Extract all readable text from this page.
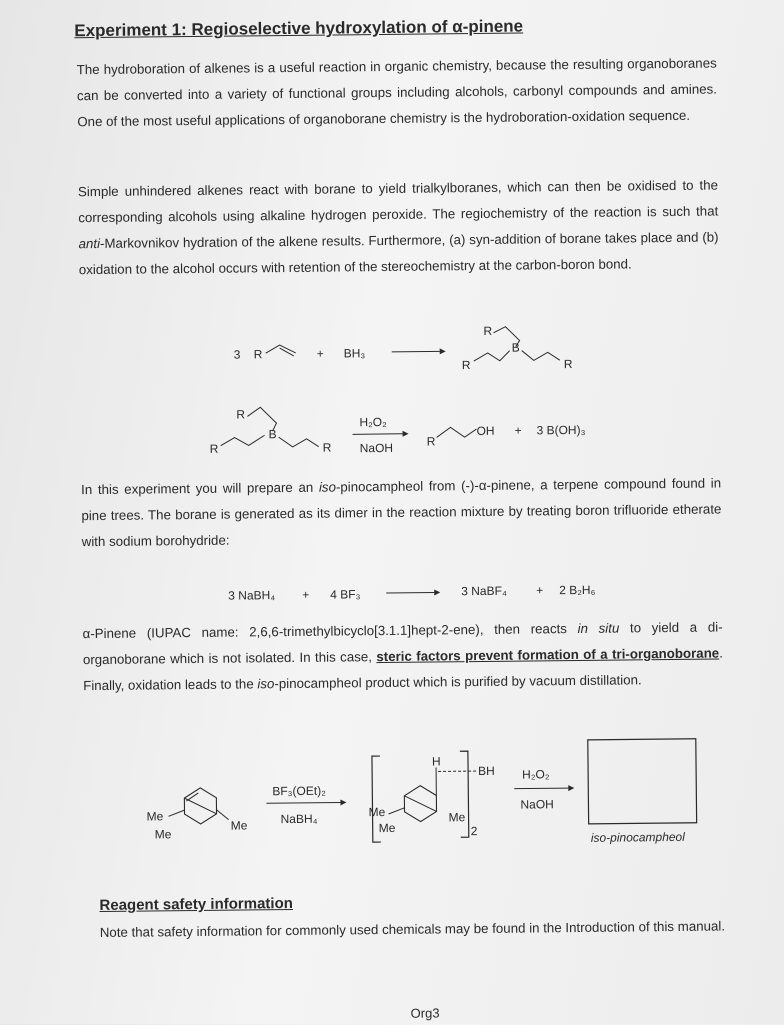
Experiment 1: Regioselective hydroxylation of α-pinene
The hydroboration of alkenes is a useful reaction in organic chemistry, because the resulting organoboranes can be converted into a variety of functional groups including alcohols, carbonyl compounds and amines. One of the most useful applications of organoborane chemistry is the hydroboration-oxidation sequence.
Simple unhindered alkenes react with borane to yield trialkylboranes, which can then be oxidised to the corresponding alcohols using alkaline hydrogen peroxide. The regiochemistry of the reaction is such that anti-Markovnikov hydration of the alkene results. Furthermore, (a) syn-addition of borane takes place and (b) oxidation to the alcohol occurs with retention of the stereochemistry at the carbon-boron bond.
3 R	+ BH₃
R
R
B
R
R
R
B
R
H₂O₂
NaOH	R
OH + 3 B(OH)₃
In this experiment you will prepare an iso-pinocampheol from (-)-α-pinene, a terpene compound found in pine trees. The borane is generated as its dimer in the reaction mixture by treating boron trifluoride etherate with sodium borohydride:
3 NaBH₄ + 4 BF₃	3 NaBF₄ + 2 B₂H₆
α-Pinene (IUPAC name: 2,6,6-trimethylbicyclo[3.1.1]hept-2-ene), then reacts in situ to yield a di-organoborane which is not isolated. In this case, steric factors prevent formation of a tri-organoborane. Finally, oxidation leads to the iso-pinocampheol product which is purified by vacuum distillation.
Me
Me
Me
BF₃(OEt)₂
NaBH₄
H
BH
Me
Me
Me
2
H₂O₂
NaOH
iso-pinocampheol
Reagent safety information
Note that safety information for commonly used chemicals may be found in the Introduction of this manual.
Org3
